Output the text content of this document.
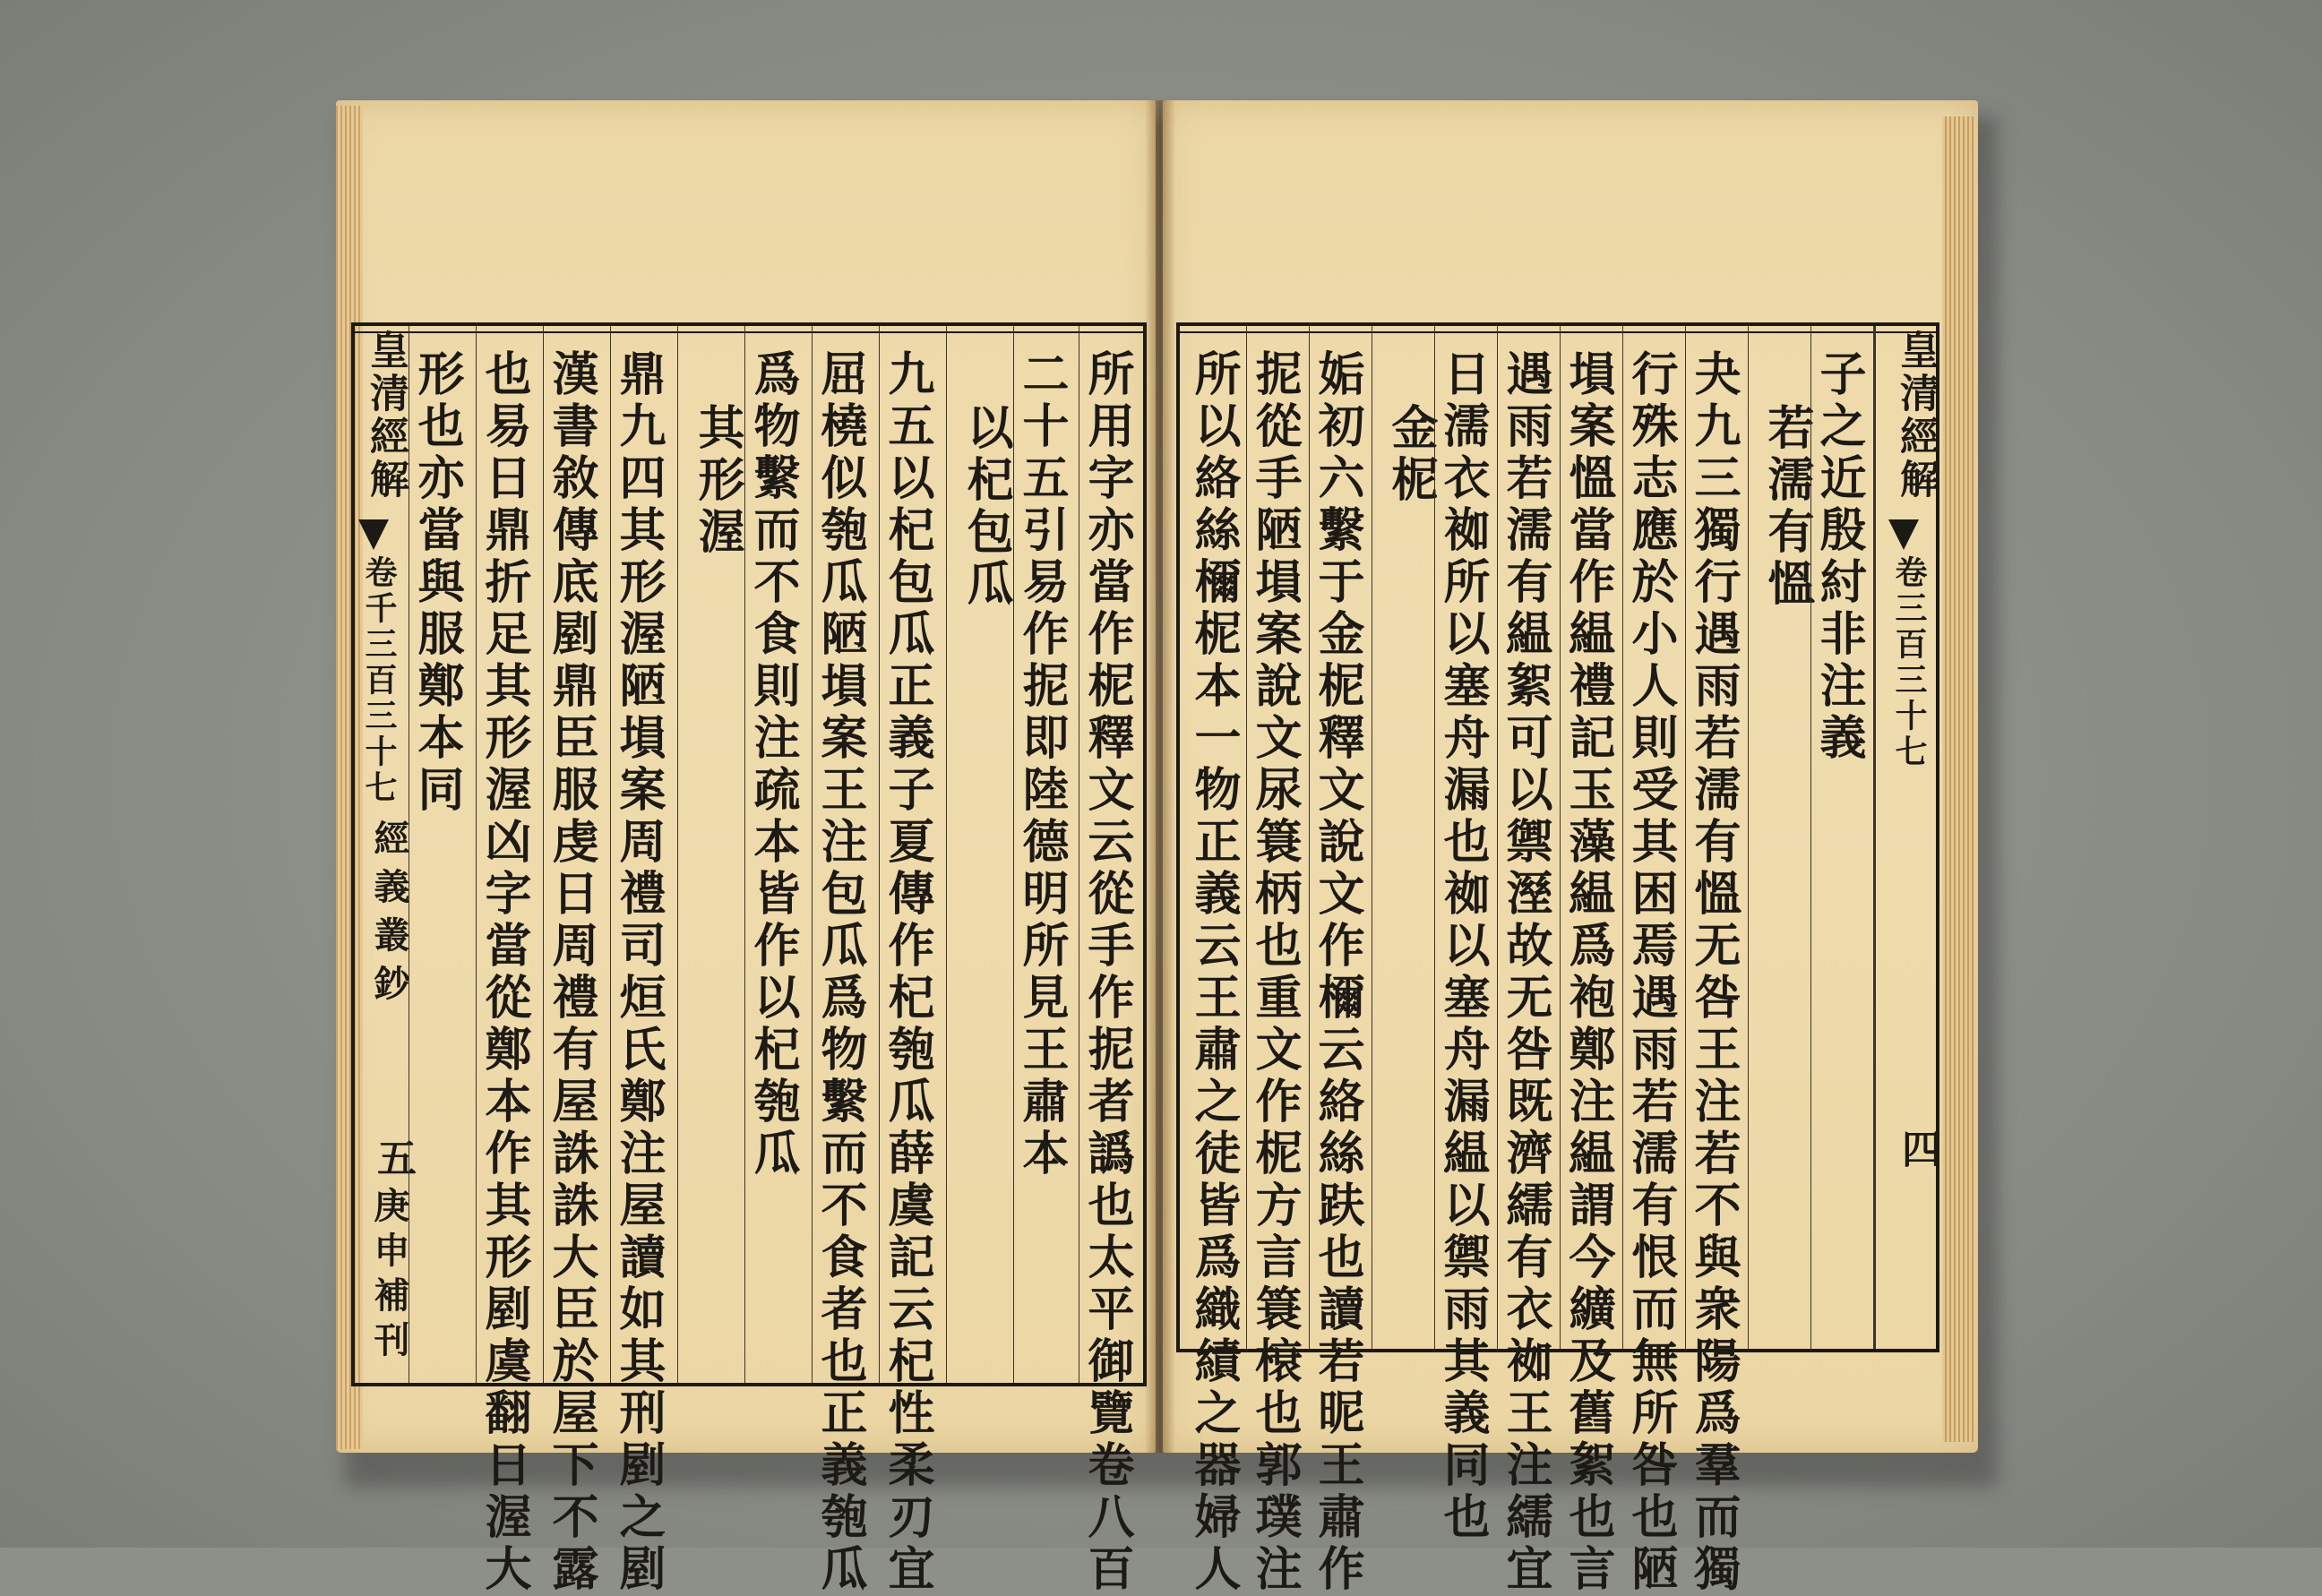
皇清經解
卷千三百三十七
經義叢鈔
五
庚申補刊
形也亦當與服鄭本同 也易日鼎折足其形渥凶字當從鄭本作其形剭虞翻日渥大 漢書敘傳底剭鼎臣服虔日周禮有屋誅誅大臣於屋下不露 鼎九四其形渥陋塤案周禮司烜氏鄭注屋讀如其刑剭之剭 其形渥 爲物繫而不食則注疏本皆作以杞匏瓜 屈橈似匏瓜陋塤案王注包瓜爲物繫而不食者也正義匏瓜 九五以杞包瓜正義子夏傳作杞匏瓜薛虞記云杞性柔刃宜 以杞包瓜 二十五引易作抳即陸德明所見王肅本 所用字亦當作柅釋文云從手作抳者譌也太平御覽卷八百 所以絡絲檷柅本一物正義云王肅之徒皆爲織績之器婦人 抳從手陋塤案說文尿簑柄也重文作柅方言簑榱也郭璞注 姤初六繫于金柅釋文說文作檷云絡絲趺也讀若昵王肅作 金柅
日濡衣袽所以塞舟漏也袽以塞舟漏緼以禦雨其義同也 遇雨若濡有緼絮可以禦溼故无咎既濟繻有衣袽王注繻宜 塤案慍當作緼禮記玉藻緼爲袍鄭注緼謂今纊及舊絮也言 行殊志應於小人則受其困焉遇雨若濡有恨而無所咎也陋 夬九三獨行遇雨若濡有慍无咎王注若不與衆陽爲羣而獨 若濡有慍
子之近殷紂非注義 皇清經解
卷三百三十七
四
